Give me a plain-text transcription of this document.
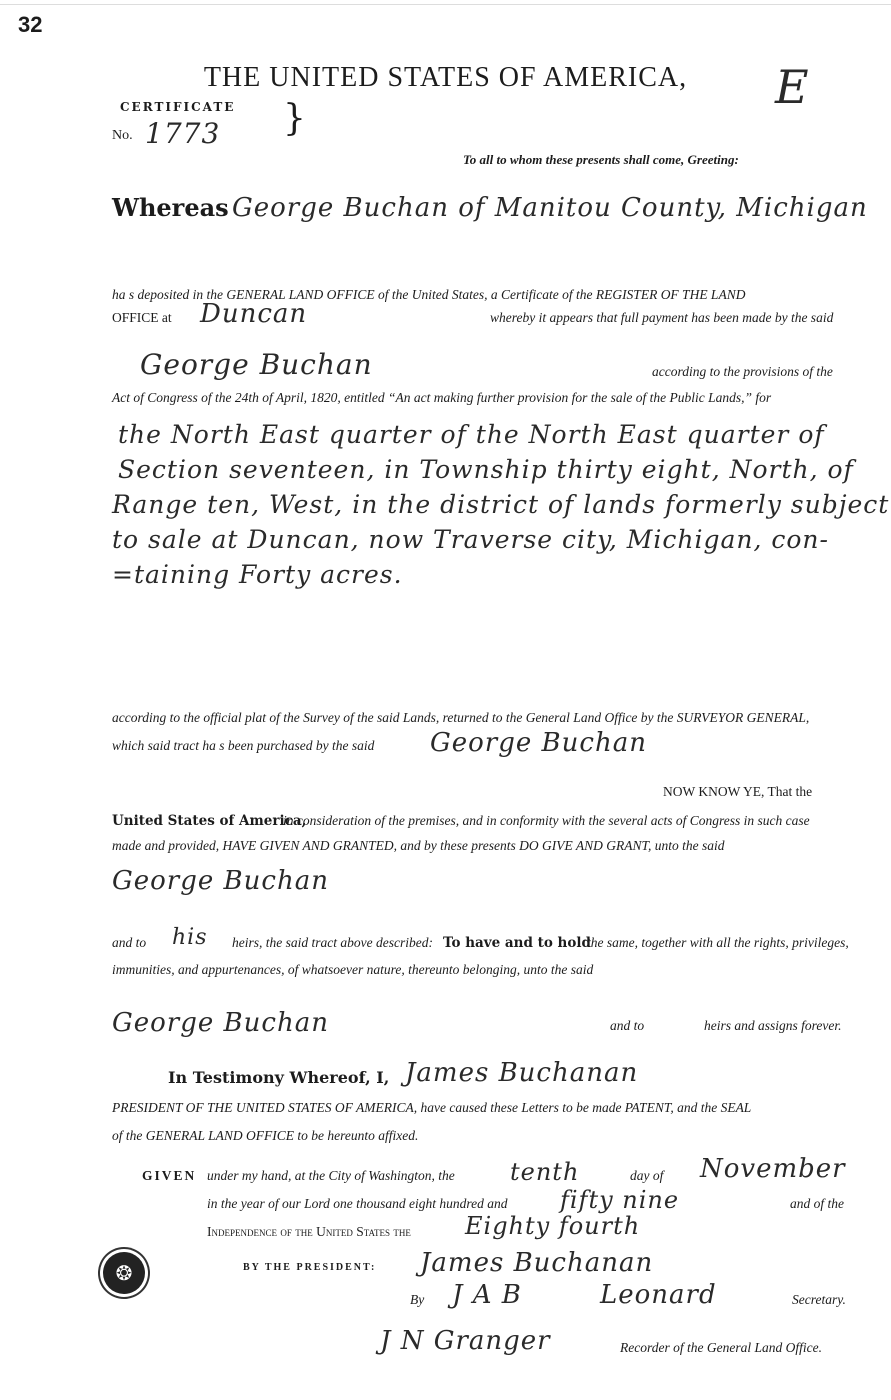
32
E
THE UNITED STATES OF AMERICA,
CERTIFICATE }
No. 1773
To all to whom these presents shall come, Greeting:
Whereas George Buchan of Manitou County, Michigan
ha s deposited in the GENERAL LAND OFFICE of the United States, a Certificate of the REGISTER OF THE LAND
OFFICE at Duncan	whereby it appears that full payment has been made by the said
George Buchan	according to the provisions of the
Act of Congress of the 24th of April, 1820, entitled “An act making further provision for the sale of the Public Lands,” for
the North East quarter of the North East quarter of
Section seventeen, in Township thirty eight, North, of
Range ten, West, in the district of lands formerly subject
to sale at Duncan, now Traverse city, Michigan, con-
=taining Forty acres.
according to the official plat of the Survey of the said Lands, returned to the General Land Office by the SURVEYOR GENERAL,
which said tract ha s been purchased by the said George Buchan
NOW KNOW YE, That the
United States of America,
in consideration of the premises, and in conformity with the several acts of Congress in such case
made and provided, HAVE GIVEN AND GRANTED, and by these presents DO GIVE AND GRANT, unto the said
George Buchan
and to his heirs, the said tract above described: To have and to hold
the same, together with all the rights, privileges,
immunities, and appurtenances, of whatsoever nature, thereunto belonging, unto the said
George Buchan	and to	heirs and assigns forever.
In Testimony Whereof, I, James Buchanan
PRESIDENT OF THE UNITED STATES OF AMERICA, have caused these Letters to be made PATENT, and the SEAL
of the GENERAL LAND OFFICE to be hereunto affixed.
GIVEN under my hand, at the City of Washington, the tenth	day of November
in the year of our Lord one thousand eight hundred and fifty nine	and of the
Independence of the United States the Eighty fourth
❂	BY THE PRESIDENT: James Buchanan
By J A B	Leonard	Secretary.
J N Granger	Recorder of the General Land Office.
